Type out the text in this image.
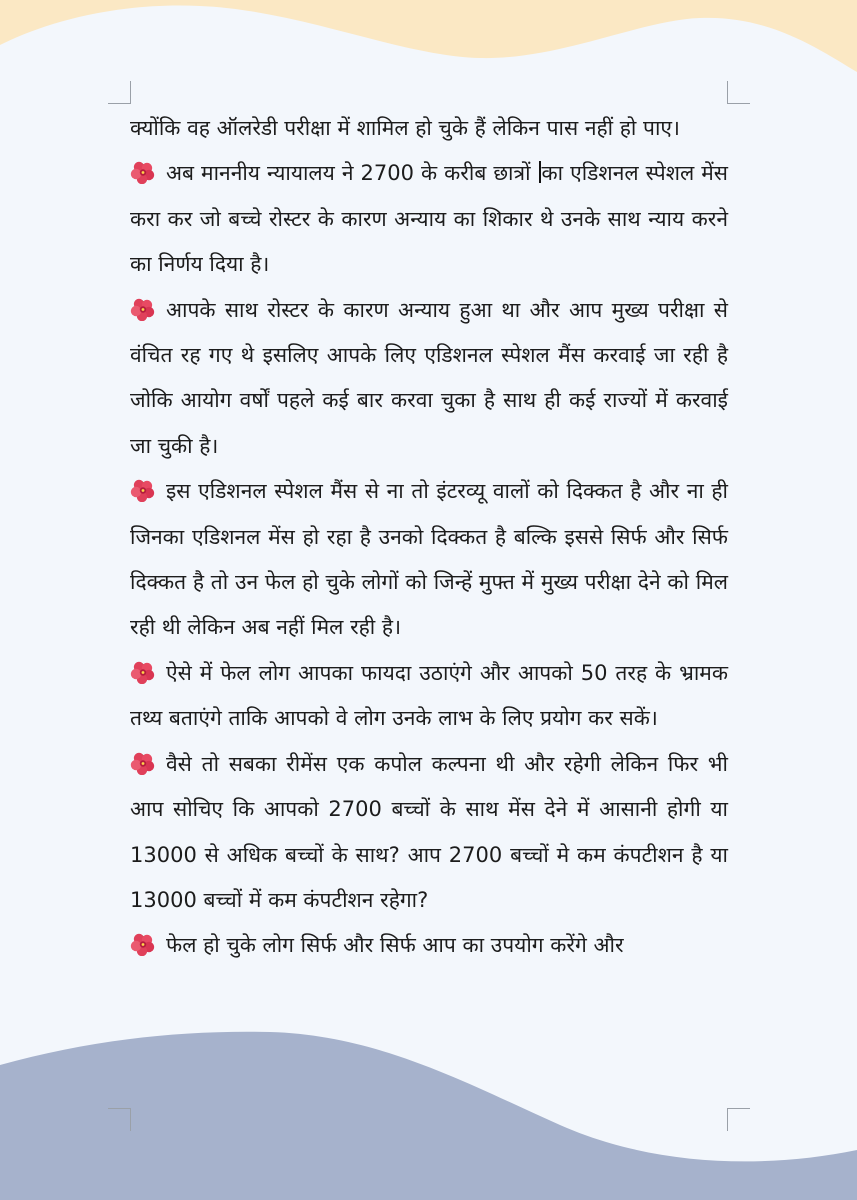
क्योंकि वह ऑलरेडी परीक्षा में शामिल हो चुके हैं लेकिन पास नहीं हो पाए।

अब माननीय न्यायालय ने 2700 के करीब छात्रों का एडिशनल स्पेशल मेंस करा कर जो बच्चे रोस्टर के कारण अन्याय का शिकार थे उनके साथ न्याय करने का निर्णय दिया है।

आपके साथ रोस्टर के कारण अन्याय हुआ था और आप मुख्य परीक्षा से वंचित रह गए थे इसलिए आपके लिए एडिशनल स्पेशल मैंस करवाई जा रही है जोकि आयोग वर्षों पहले कई बार करवा चुका है साथ ही कई राज्यों में करवाई जा चुकी है।

इस एडिशनल स्पेशल मैंस से ना तो इंटरव्यू वालों को दिक्कत है और ना ही जिनका एडिशनल मेंस हो रहा है उनको दिक्कत है बल्कि इससे सिर्फ और सिर्फ दिक्कत है तो उन फेल हो चुके लोगों को जिन्हें मुफ्त में मुख्य परीक्षा देने को मिल रही थी लेकिन अब नहीं मिल रही है।

ऐसे में फेल लोग आपका फायदा उठाएंगे और आपको 50 तरह के भ्रामक तथ्य बताएंगे ताकि आपको वे लोग उनके लाभ के लिए प्रयोग कर सकें।

वैसे तो सबका रीमेंस एक कपोल कल्पना थी और रहेगी लेकिन फिर भी आप सोचिए कि आपको 2700 बच्चों के साथ मेंस देने में आसानी होगी या 13000 से अधिक बच्चों के साथ? आप 2700 बच्चों मे कम कंपटीशन है या 13000 बच्चों में कम कंपटीशन रहेगा?

फेल हो चुके लोग सिर्फ और सिर्फ आप का उपयोग करेंगे और
